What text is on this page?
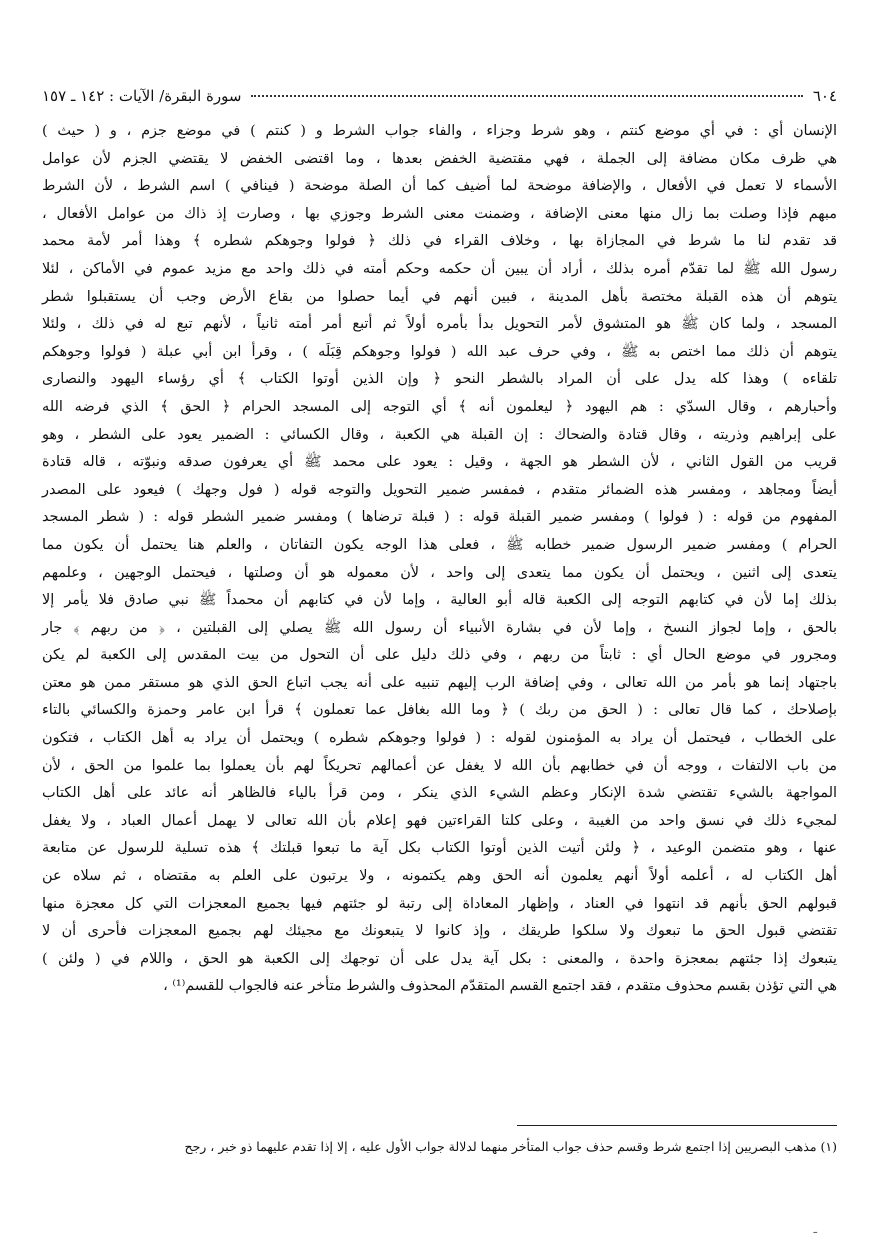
٦٠٤
سورة البقرة/ الآيات : ١٤٢ ـ ١٥٧

الإنسان أي : في أي موضع كنتم ، وهو شرط وجزاء ، والفاء جواب الشرط و ( كنتم ) في موضع جزم ، و ( حيث )

هي ظرف مكان مضافة إلى الجملة ، فهي مقتضية الخفض بعدها ، وما اقتضى الخفض لا يقتضي الجزم لأن عوامل

الأسماء لا تعمل في الأفعال ، والإضافة موضحة لما أضيف كما أن الصلة موضحة ( فينافي ) اسم الشرط ، لأن الشرط

مبهم فإذا وصلت بما زال منها معنى الإضافة ، وضمنت معنى الشرط وجوزي بها ، وصارت إذ ذاك من عوامل الأفعال ،

قد تقدم لنا ما شرط في المجازاة بها ، وخلاف القراء في ذلك ﴿ فولوا وجوهكم شطره ﴾ وهذا أمر لأمة محمد

رسول الله ﷺ لما تقدّم أمره بذلك ، أراد أن يبين أن حكمه وحكم أمته في ذلك واحد مع مزيد عموم في الأماكن ، لئلا

يتوهم أن هذه القبلة مختصة بأهل المدينة ، فبين أنهم في أيما حصلوا من بقاع الأرض وجب أن يستقبلوا شطر

المسجد ، ولما كان ﷺ هو المتشوق لأمر التحويل بدأ بأمره أولاً ثم أتبع أمر أمته ثانياً ، لأنهم تبع له في ذلك ، ولئلا

يتوهم أن ذلك مما اختص به ﷺ ، وفي حرف عبد الله ( فولوا وجوهكم قِبَلَه ) ، وقرأ ابن أبي عبلة ( فولوا وجوهكم

تلقاءه ) وهذا كله يدل على أن المراد بالشطر النحو ﴿ وإن الذين أوتوا الكتاب ﴾ أي رؤساء اليهود والنصارى

وأحبارهم ، وقال السدّي : هم اليهود ﴿ ليعلمون أنه ﴾ أي التوجه إلى المسجد الحرام ﴿ الحق ﴾ الذي فرضه الله

على إبراهيم وذريته ، وقال قتادة والضحاك : إن القبلة هي الكعبة ، وقال الكسائي : الضمير يعود على الشطر ، وهو

قريب من القول الثاني ، لأن الشطر هو الجهة ، وقيل : يعود على محمد ﷺ أي يعرفون صدقه ونبوّته ، قاله قتادة

أيضاً ومجاهد ، ومفسر هذه الضمائر متقدم ، فمفسر ضمير التحويل والتوجه قوله ( فول وجهك ) فيعود على المصدر

المفهوم من قوله : ( فولوا ) ومفسر ضمير القبلة قوله : ( قبلة ترضاها ) ومفسر ضمير الشطر قوله : ( شطر المسجد

الحرام ) ومفسر ضمير الرسول ضمير خطابه ﷺ ، فعلى هذا الوجه يكون التفاتان ، والعلم هنا يحتمل أن يكون مما

يتعدى إلى اثنين ، ويحتمل أن يكون مما يتعدى إلى واحد ، لأن معموله هو أن وصلتها ، فيحتمل الوجهين ، وعلمهم

بذلك إما لأن في كتابهم التوجه إلى الكعبة قاله أبو العالية ، وإما لأن في كتابهم أن محمداً ﷺ نبي صادق فلا يأمر إلا

بالحق ، وإما لجواز النسخ ، وإما لأن في بشارة الأنبياء أن رسول الله ﷺ يصلي إلى القبلتين ، ﴿ من ربهم ﴾ جار

ومجرور في موضع الحال أي : ثابتاً من ربهم ، وفي ذلك دليل على أن التحول من بيت المقدس إلى الكعبة لم يكن

باجتهاد إنما هو بأمر من الله تعالى ، وفي إضافة الرب إليهم تنبيه على أنه يجب اتباع الحق الذي هو مستقر ممن هو معتن

بإصلاحك ، كما قال تعالى : ( الحق من ربك ) ﴿ وما الله بغافل عما تعملون ﴾ قرأ ابن عامر وحمزة والكسائي بالتاء

على الخطاب ، فيحتمل أن يراد به المؤمنون لقوله : ( فولوا وجوهكم شطره ) ويحتمل أن يراد به أهل الكتاب ، فتكون

من باب الالتفات ، ووجه أن في خطابهم بأن الله لا يغفل عن أعمالهم تحريكاً لهم بأن يعملوا بما علموا من الحق ، لأن

المواجهة بالشيء تقتضي شدة الإنكار وعظم الشيء الذي ينكر ، ومن قرأ بالياء فالظاهر أنه عائد على أهل الكتاب

لمجيء ذلك في نسق واحد من الغيبة ، وعلى كلتا القراءتين فهو إعلام بأن الله تعالى لا يهمل أعمال العباد ، ولا يغفل

عنها ، وهو متضمن الوعيد ، ﴿ ولئن أتيت الذين أوتوا الكتاب بكل آية ما تبعوا قبلتك ﴾ هذه تسلية للرسول عن متابعة

أهل الكتاب له ، أعلمه أولاً أنهم يعلمون أنه الحق وهم يكتمونه ، ولا يرتبون على العلم به مقتضاه ، ثم سلاه عن

قبولهم الحق بأنهم قد انتهوا في العناد ، وإظهار المعاداة إلى رتبة لو جئتهم فيها بجميع المعجزات التي كل معجزة منها

تقتضي قبول الحق ما تبعوك ولا سلكوا طريقك ، وإذ كانوا لا يتبعونك مع مجيئك لهم بجميع المعجزات فأحرى أن لا

يتبعوك إذا جئتهم بمعجزة واحدة ، والمعنى : بكل آية يدل على أن توجهك إلى الكعبة هو الحق ، واللام في ( ولئن )

هي التي تؤذن بقسم محذوف متقدم ، فقد اجتمع القسم المتقدّم المحذوف والشرط متأخر عنه فالجواب للقسم⁽¹⁾ ،

(١) مذهب البصريين إذا اجتمع شرط وقسم حذف جواب المتأخر منهما لدلالة جواب الأول عليه ، إلا إذا تقدم عليهما ذو خبر ، رجح
ـ
